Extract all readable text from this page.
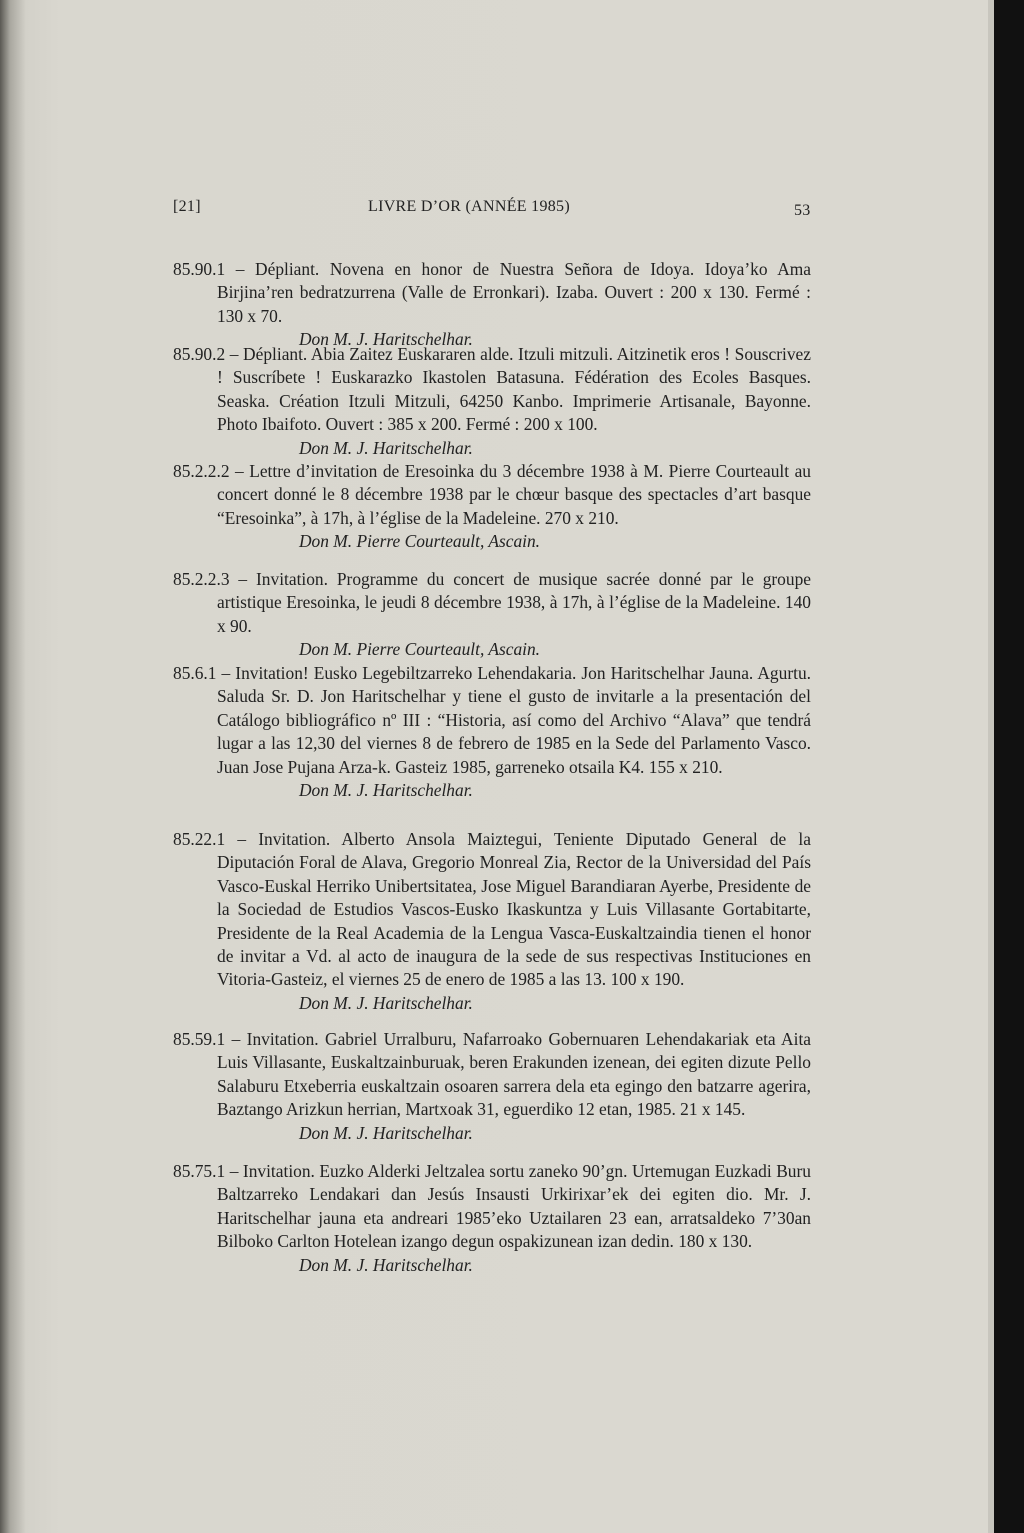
[21]	LIVRE D’OR (ANNÉE 1985)	53
85.90.1 – Dépliant. Novena en honor de Nuestra Señora de Idoya. Idoya’ko Ama Birjina’ren bedratzurrena (Valle de Erronkari). Izaba. Ouvert : 200 x 130. Fermé : 130 x 70.
Don M. J. Haritschelhar.
85.90.2 – Dépliant. Abia Zaitez Euskararen alde. Itzuli mitzuli. Aitzinetik eros ! Souscrivez ! Suscríbete ! Euskarazko Ikastolen Batasuna. Fédération des Ecoles Basques. Seaska. Création Itzuli Mitzuli, 64250 Kanbo. Imprimerie Artisanale, Bayonne. Photo Ibaifoto. Ouvert : 385 x 200. Fermé : 200 x 100.
Don M. J. Haritschelhar.
85.2.2.2 – Lettre d’invitation de Eresoinka du 3 décembre 1938 à M. Pierre Courteault au concert donné le 8 décembre 1938 par le chœur basque des spectacles d’art basque “Eresoinka”, à 17h, à l’église de la Madeleine. 270 x 210.
Don M. Pierre Courteault, Ascain.
85.2.2.3 – Invitation. Programme du concert de musique sacrée donné par le groupe artistique Eresoinka, le jeudi 8 décembre 1938, à 17h, à l’église de la Madeleine. 140 x 90.
Don M. Pierre Courteault, Ascain.
85.6.1 – Invitation! Eusko Legebiltzarreko Lehendakaria. Jon Haritschelhar Jauna. Agurtu. Saluda Sr. D. Jon Haritschelhar y tiene el gusto de invitarle a la presentación del Catálogo bibliográfico nº III : “Historia, así como del Archivo “Alava” que tendrá lugar a las 12,30 del viernes 8 de febrero de 1985 en la Sede del Parlamento Vasco. Juan Jose Pujana Arza-k. Gasteiz 1985, garreneko otsaila K4. 155 x 210.
Don M. J. Haritschelhar.
85.22.1 – Invitation. Alberto Ansola Maiztegui, Teniente Diputado General de la Diputación Foral de Alava, Gregorio Monreal Zia, Rector de la Universidad del País Vasco-Euskal Herriko Unibertsitatea, Jose Miguel Barandiaran Ayerbe, Presidente de la Sociedad de Estudios Vascos-Eusko Ikaskuntza y Luis Villasante Gortabitarte, Presidente de la Real Academia de la Lengua Vasca-Euskaltzaindia tienen el honor de invitar a Vd. al acto de inaugura de la sede de sus respectivas Instituciones en Vitoria-Gasteiz, el viernes 25 de enero de 1985 a las 13. 100 x 190.
Don M. J. Haritschelhar.
85.59.1 – Invitation. Gabriel Urralburu, Nafarroako Gobernuaren Lehendakariak eta Aita Luis Villasante, Euskaltzainburuak, beren Erakunden izenean, dei egiten dizute Pello Salaburu Etxeberria euskaltzain osoaren sarrera dela eta egingo den batzarre agerira, Baztango Arizkun herrian, Martxoak 31, eguerdiko 12 etan, 1985. 21 x 145.
Don M. J. Haritschelhar.
85.75.1 – Invitation. Euzko Alderki Jeltzalea sortu zaneko 90’gn. Urtemugan Euzkadi Buru Baltzarreko Lendakari dan Jesús Insausti Urkirixar’ek dei egiten dio. Mr. J. Haritschelhar jauna eta andreari 1985’eko Uztailaren 23 ean, arratsaldeko 7’30an Bilboko Carlton Hotelean izango degun ospakizunean izan dedin. 180 x 130.
Don M. J. Haritschelhar.
